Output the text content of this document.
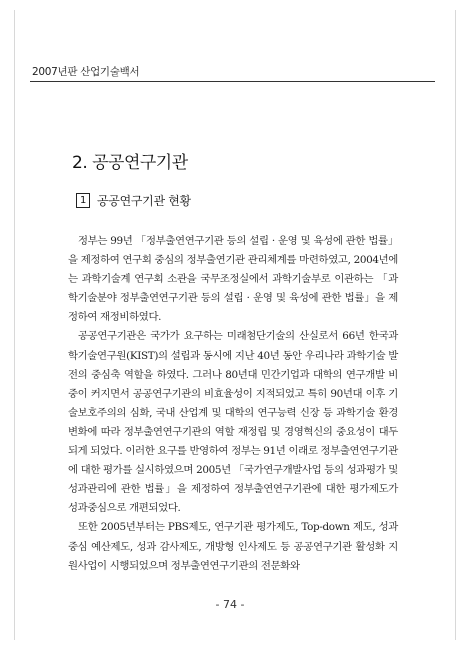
2007년판 산업기술백서
2. 공공연구기관
1 공공연구기관 현황

정부는 99년 「정부출연연구기관 등의 설립 · 운영 및 육성에 관한 법률」을 제정하여 연구회 중심의 정부출연기관 관리체계를 마련하였고, 2004년에는 과학기술계 연구회 소관을 국무조정실에서 과학기술부로 이관하는 「과학기술분야 정부출연연구기관 등의 설립 · 운영 및 육성에 관한 법률」을 제정하여 재정비하였다.

공공연구기관은 국가가 요구하는 미래첨단기술의 산실로서 66년 한국과학기술연구원(KIST)의 설립과 동시에 지난 40년 동안 우리나라 과학기술 발전의 중심축 역할을 하였다. 그러나 80년대 민간기업과 대학의 연구개발 비중이 커지면서 공공연구기관의 비효율성이 지적되었고 특히 90년대 이후 기술보호주의의 심화, 국내 산업계 및 대학의 연구능력 신장 등 과학기술 환경변화에 따라 정부출연연구기관의 역할 재정립 및 경영혁신의 중요성이 대두되게 되었다. 이러한 요구를 반영하여 정부는 91년 이래로 정부출연연구기관에 대한 평가를 실시하였으며 2005년 「국가연구개발사업 등의 성과평가 및 성과관리에 관한 법률」을 제정하여 정부출연연구기관에 대한 평가제도가 성과중심으로 개편되었다.

또한 2005년부터는 PBS제도, 연구기관 평가제도, Top-down 제도, 성과중심 예산제도, 성과 감사제도, 개방형 인사제도 등 공공연구기관 활성화 지원사업이 시행되었으며 정부출연연구기관의 전문화와

- 74 -
